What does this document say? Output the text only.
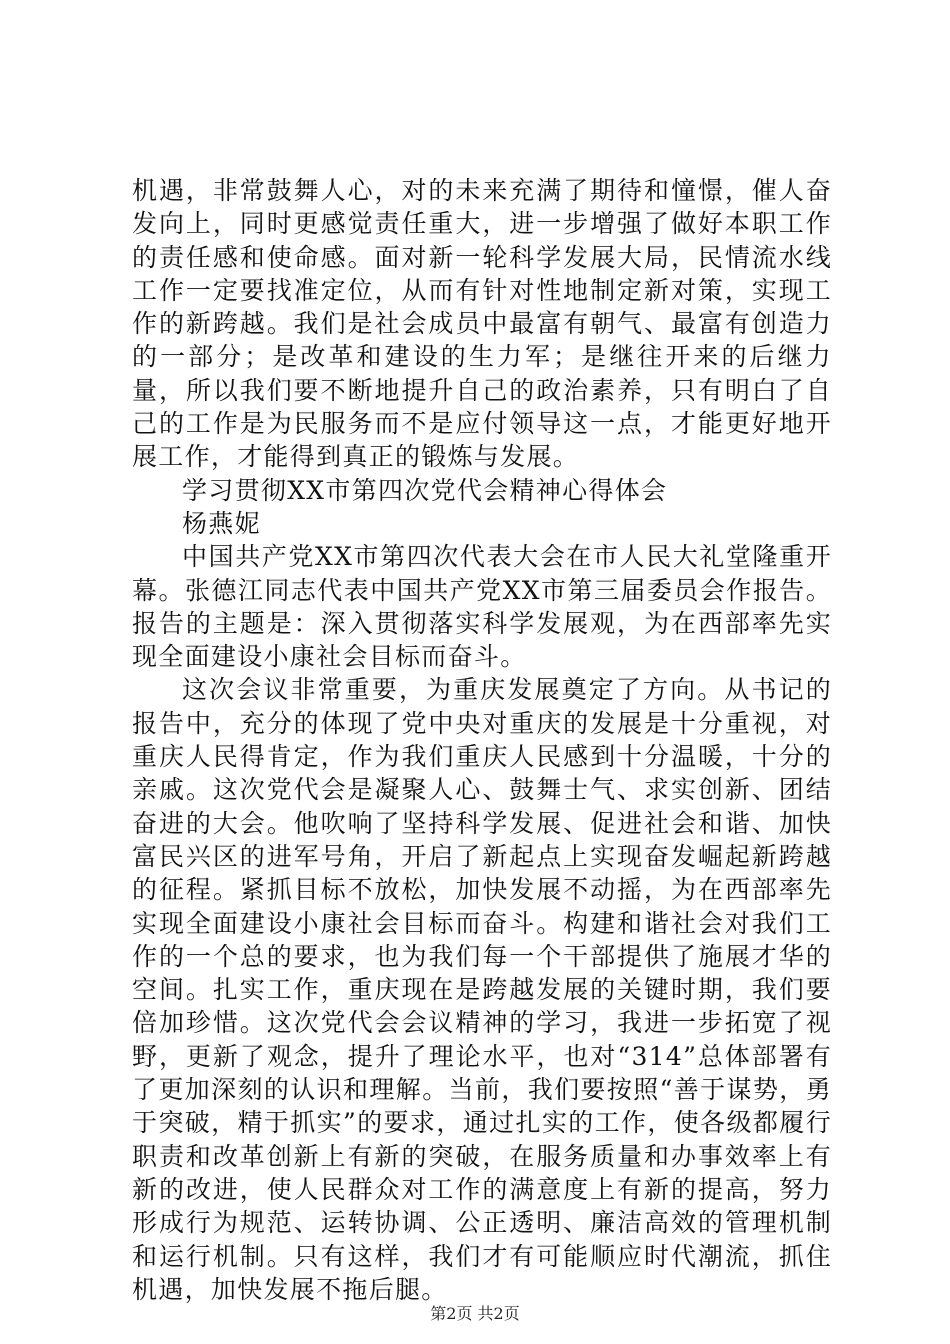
机遇，非常鼓舞人心，对的未来充满了期待和憧憬，催人奋发向上，同时更感觉责任重大，进一步增强了做好本职工作的责任感和使命感。面对新一轮科学发展大局，民情流水线工作一定要找准定位，从而有针对性地制定新对策，实现工作的新跨越。我们是社会成员中最富有朝气、最富有创造力的一部分；是改革和建设的生力军；是继往开来的后继力量，所以我们要不断地提升自己的政治素养，只有明白了自己的工作是为民服务而不是应付领导这一点，才能更好地开展工作，才能得到真正的锻炼与发展。

学习贯彻XX市第四次党代会精神心得体会

杨燕妮

中国共产党XX市第四次代表大会在市人民大礼堂隆重开幕。张德江同志代表中国共产党XX市第三届委员会作报告。报告的主题是：深入贯彻落实科学发展观，为在西部率先实现全面建设小康社会目标而奋斗。

这次会议非常重要，为重庆发展奠定了方向。从书记的报告中，充分的体现了党中央对重庆的发展是十分重视，对重庆人民得肯定，作为我们重庆人民感到十分温暖，十分的亲戚。这次党代会是凝聚人心、鼓舞士气、求实创新、团结奋进的大会。他吹响了坚持科学发展、促进社会和谐、加快富民兴区的进军号角，开启了新起点上实现奋发崛起新跨越的征程。紧抓目标不放松，加快发展不动摇，为在西部率先实现全面建设小康社会目标而奋斗。构建和谐社会对我们工作的一个总的要求，也为我们每一个干部提供了施展才华的空间。扎实工作，重庆现在是跨越发展的关键时期，我们要倍加珍惜。这次党代会会议精神的学习，我进一步拓宽了视野，更新了观念，提升了理论水平，也对“314”总体部署有了更加深刻的认识和理解。当前，我们要按照“善于谋势，勇于突破，精于抓实”的要求，通过扎实的工作，使各级都履行职责和改革创新上有新的突破，在服务质量和办事效率上有新的改进，使人民群众对工作的满意度上有新的提高，努力形成行为规范、运转协调、公正透明、廉洁高效的管理机制和运行机制。只有这样，我们才有可能顺应时代潮流，抓住机遇，加快发展不拖后腿。

第2页 共2页
